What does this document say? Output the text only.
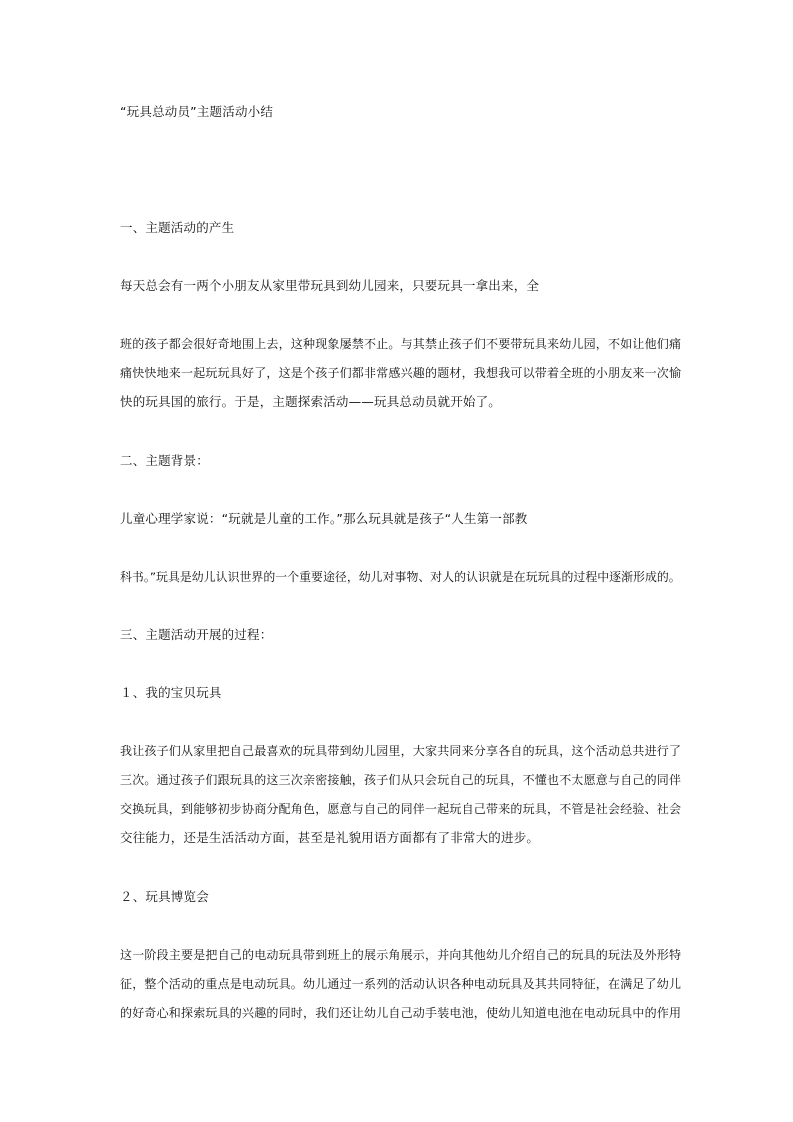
“玩具总动员”主题活动小结
一、主题活动的产生
每天总会有一两个小朋友从家里带玩具到幼儿园来，只要玩具一拿出来，全
班的孩子都会很好奇地围上去，这种现象屡禁不止。与其禁止孩子们不要带玩具来幼儿园，不如让他们痛
痛快快地来一起玩玩具好了，这是个孩子们都非常感兴趣的题材，我想我可以带着全班的小朋友来一次愉
快的玩具国的旅行。于是，主题探索活动——玩具总动员就开始了。
二、主题背景：
儿童心理学家说：“玩就是儿童的工作。”那么玩具就是孩子“人生第一部教
科书。”玩具是幼儿认识世界的一个重要途径，幼儿对事物、对人的认识就是在玩玩具的过程中逐渐形成的。
三、主题活动开展的过程：
１、我的宝贝玩具
我让孩子们从家里把自己最喜欢的玩具带到幼儿园里，大家共同来分享各自的玩具，这个活动总共进行了
三次。通过孩子们跟玩具的这三次亲密接触，孩子们从只会玩自己的玩具，不懂也不太愿意与自己的同伴
交换玩具，到能够初步协商分配角色，愿意与自己的同伴一起玩自己带来的玩具，不管是社会经验、社会
交往能力，还是生活活动方面，甚至是礼貌用语方面都有了非常大的进步。
２、玩具博览会
这一阶段主要是把自己的电动玩具带到班上的展示角展示，并向其他幼儿介绍自己的玩具的玩法及外形特
征，整个活动的重点是电动玩具。幼儿通过一系列的活动认识各种电动玩具及其共同特征，在满足了幼儿
的好奇心和探索玩具的兴趣的同时，我们还让幼儿自己动手装电池，使幼儿知道电池在电动玩具中的作用
